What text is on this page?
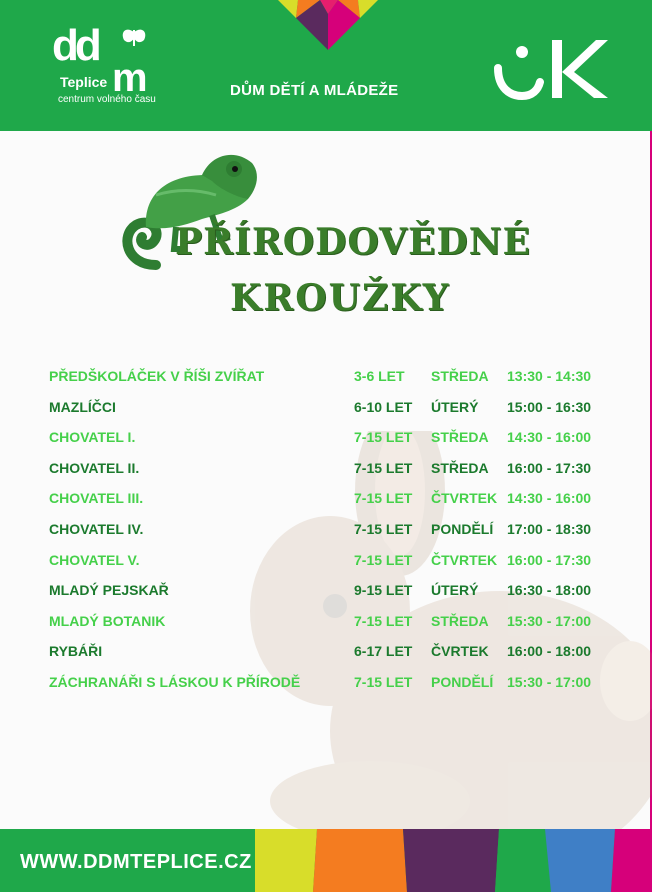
dd
m
Teplice
centrum volného času
DŮM DĚTÍ A MLÁDEŽE
PŘÍRODOVĚDNÉ
KROUŽKY
PŘEDŠKOLÁČEK V ŘÍŠI ZVÍŘAT	3-6 LET STŘEDA 13:30 - 14:30
MAZLÍČCI	6-10 LET ÚTERÝ 15:00 - 16:30
CHOVATEL I.	7-15 LET STŘEDA 14:30 - 16:00
CHOVATEL II.	7-15 LET STŘEDA 16:00 - 17:30
CHOVATEL III.	7-15 LET ČTVRTEK 14:30 - 16:00
CHOVATEL IV.	7-15 LET PONDĚLÍ 17:00 - 18:30
CHOVATEL V.	7-15 LET ČTVRTEK 16:00 - 17:30
MLADÝ PEJSKAŘ	9-15 LET ÚTERÝ 16:30 - 18:00
MLADÝ BOTANIK	7-15 LET STŘEDA 15:30 - 17:00
RYBÁŘI	6-17 LET ČVRTEK 16:00 - 18:00
ZÁCHRANÁŘI S LÁSKOU K PŘÍRODĚ	7-15 LET PONDĚLÍ 15:30 - 17:00
WWW.DDMTEPLICE.CZ
